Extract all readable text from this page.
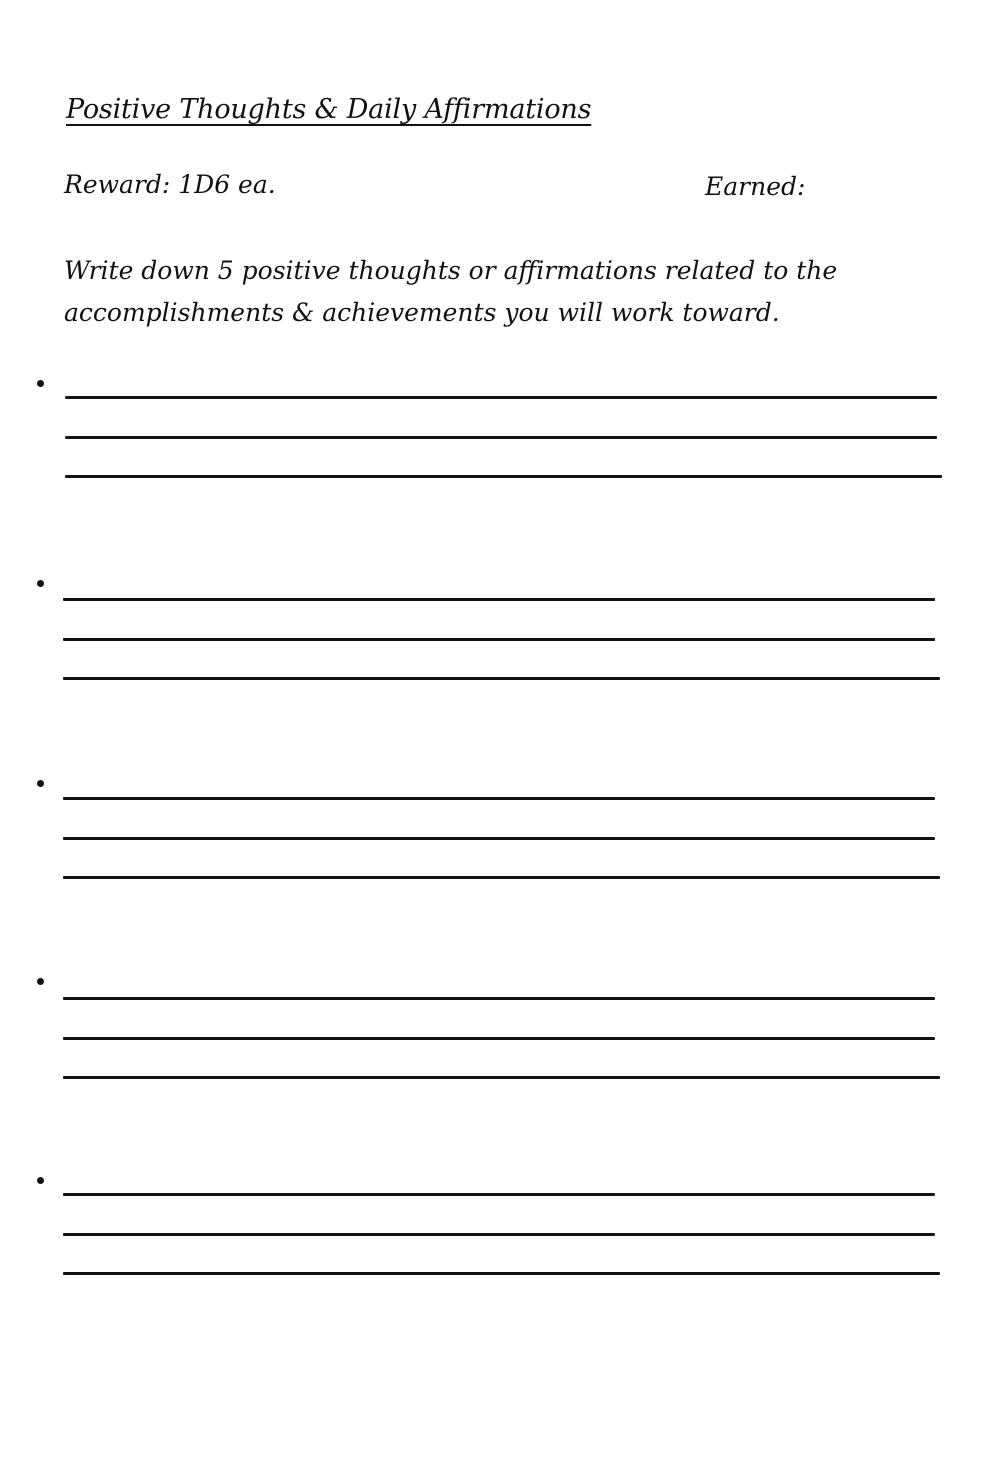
Positive Thoughts & Daily Affirmations
Reward: 1D6 ea.	Earned:
Write down 5 positive thoughts or affirmations related to the
accomplishments & achievements you will work toward.
